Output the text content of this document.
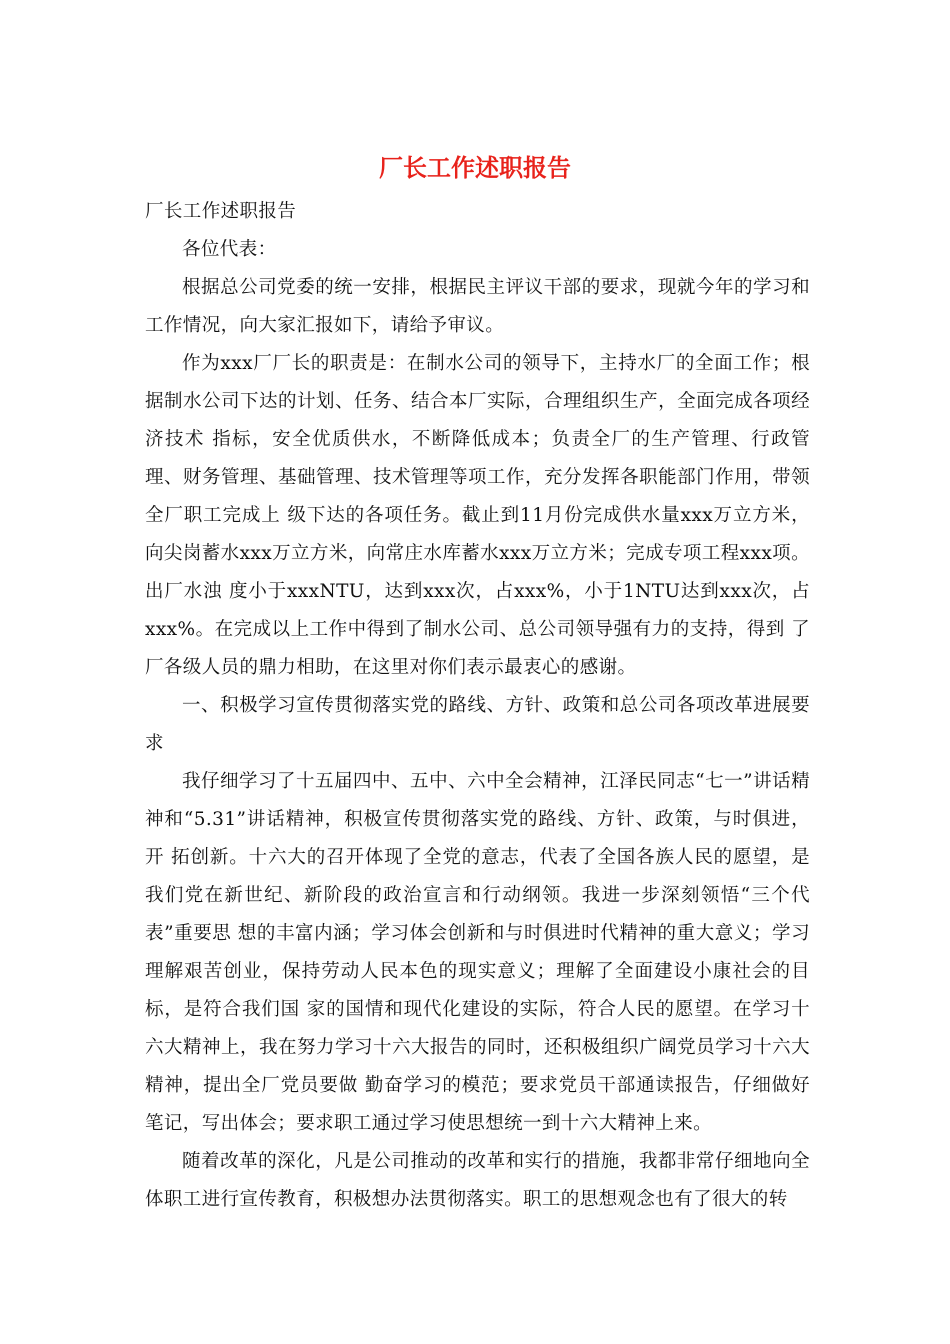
厂长工作述职报告

厂长工作述职报告

各位代表：

根据总公司党委的统一安排，根据民主评议干部的要求，现就今年的学习和工作情况，向大家汇报如下，请给予审议。

作为xxx厂厂长的职责是：在制水公司的领导下，主持水厂的全面工作；根据制水公司下达的计划、任务、结合本厂实际，合理组织生产，全面完成各项经济技术 指标，安全优质供水，不断降低成本；负责全厂的生产管理、行政管理、财务管理、基础管理、技术管理等项工作，充分发挥各职能部门作用，带领全厂职工完成上 级下达的各项任务。截止到11月份完成供水量xxx万立方米，向尖岗蓄水xxx万立方米，向常庄水库蓄水xxx万立方米；完成专项工程xxx项。出厂水浊 度小于xxxNTU，达到xxx次，占xxx%，小于1NTU达到xxx次，占xxx%。在完成以上工作中得到了制水公司、总公司领导强有力的支持，得到 了厂各级人员的鼎力相助，在这里对你们表示最衷心的感谢。

一、积极学习宣传贯彻落实党的路线、方针、政策和总公司各项改革进展要求

我仔细学习了十五届四中、五中、六中全会精神，江泽民同志“七一”讲话精神和“5.31”讲话精神，积极宣传贯彻落实党的路线、方针、政策，与时俱进，开 拓创新。十六大的召开体现了全党的意志，代表了全国各族人民的愿望，是我们党在新世纪、新阶段的政治宣言和行动纲领。我进一步深刻领悟“三个代表”重要思 想的丰富内涵；学习体会创新和与时俱进时代精神的重大意义；学习理解艰苦创业，保持劳动人民本色的现实意义；理解了全面建设小康社会的目标，是符合我们国 家的国情和现代化建设的实际，符合人民的愿望。在学习十六大精神上，我在努力学习十六大报告的同时，还积极组织广阔党员学习十六大精神，提出全厂党员要做 勤奋学习的模范；要求党员干部通读报告，仔细做好笔记，写出体会；要求职工通过学习使思想统一到十六大精神上来。

随着改革的深化，凡是公司推动的改革和实行的措施，我都非常仔细地向全体职工进行宣传教育，积极想办法贯彻落实。职工的思想观念也有了很大的转
